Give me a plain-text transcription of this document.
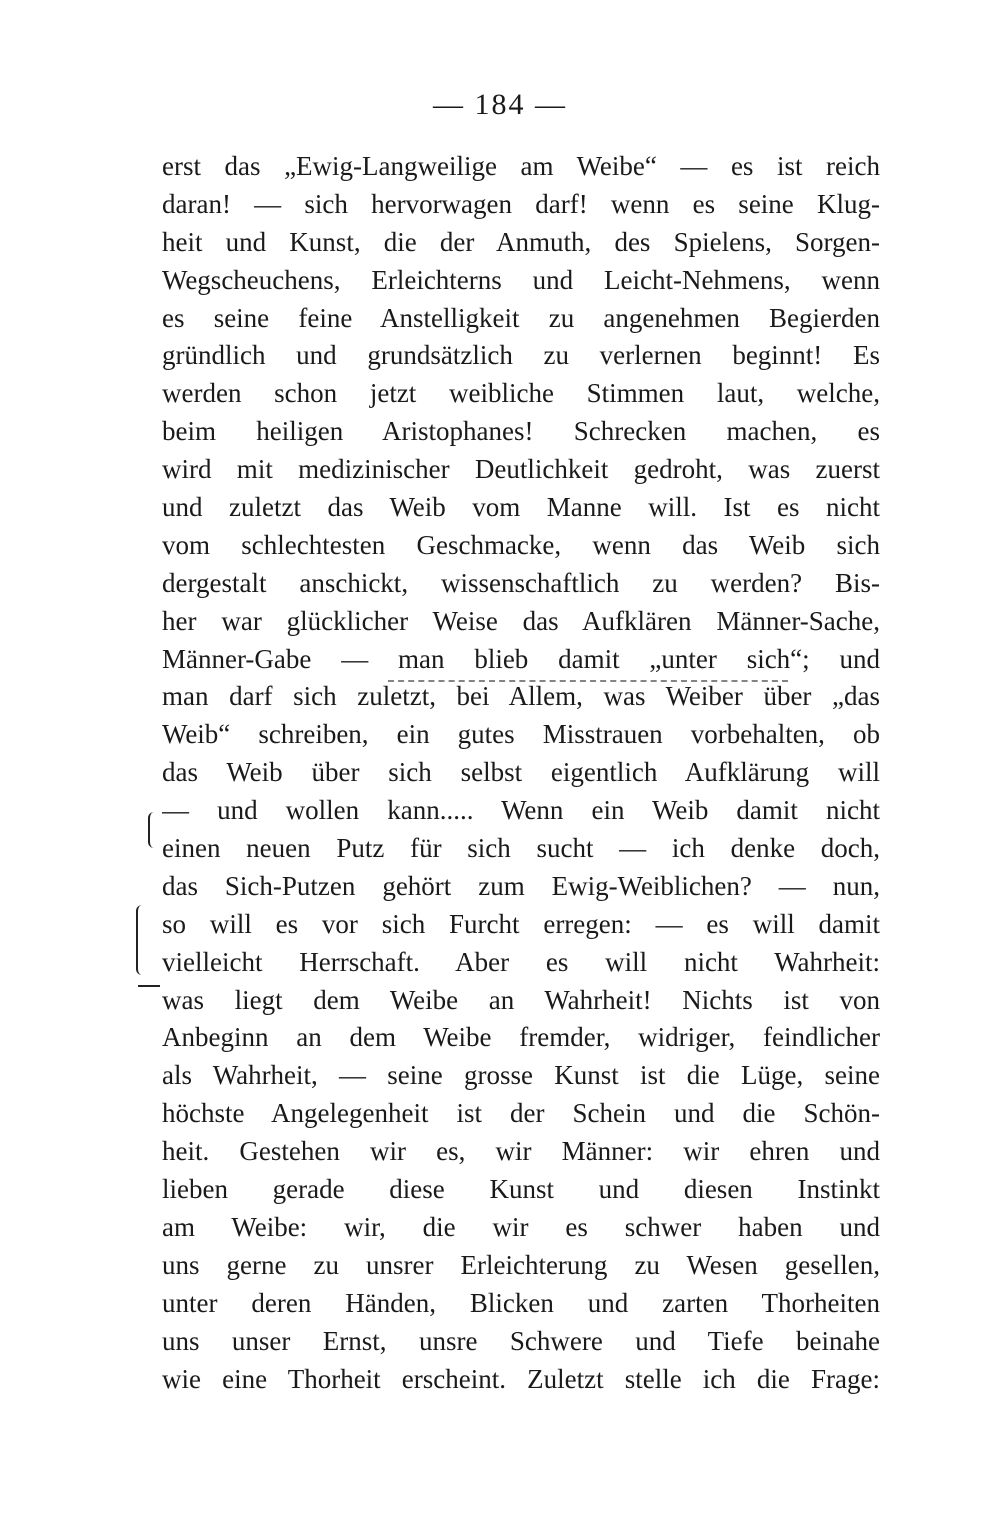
— 184 —
erst das „Ewig-Langweilige am Weibe“ — es ist reich
daran! — sich hervorwagen darf! wenn es seine Klug-
heit und Kunst, die der Anmuth, des Spielens, Sorgen-
Wegscheuchens, Erleichterns und Leicht-Nehmens, wenn
es seine feine Anstelligkeit zu angenehmen Begierden
gründlich und grundsätzlich zu verlernen beginnt! Es
werden schon jetzt weibliche Stimmen laut, welche,
beim heiligen Aristophanes! Schrecken machen, es
wird mit medizinischer Deutlichkeit gedroht, was zuerst
und zuletzt das Weib vom Manne will. Ist es nicht
vom schlechtesten Geschmacke, wenn das Weib sich
dergestalt anschickt, wissenschaftlich zu werden? Bis-
her war glücklicher Weise das Aufklären Männer-Sache,
Männer-Gabe — man blieb damit „unter sich“; und
man darf sich zuletzt, bei Allem, was Weiber über „das
Weib“ schreiben, ein gutes Misstrauen vorbehalten, ob
das Weib über sich selbst eigentlich Aufklärung will
— und wollen kann..... Wenn ein Weib damit nicht
einen neuen Putz für sich sucht — ich denke doch,
das Sich-Putzen gehört zum Ewig-Weiblichen? — nun,
so will es vor sich Furcht erregen: — es will damit
vielleicht Herrschaft. Aber es will nicht Wahrheit:
was liegt dem Weibe an Wahrheit! Nichts ist von
Anbeginn an dem Weibe fremder, widriger, feindlicher
als Wahrheit, — seine grosse Kunst ist die Lüge, seine
höchste Angelegenheit ist der Schein und die Schön-
heit. Gestehen wir es, wir Männer: wir ehren und
lieben gerade diese Kunst und diesen Instinkt
am Weibe: wir, die wir es schwer haben und
uns gerne zu unsrer Erleichterung zu Wesen gesellen,
unter deren Händen, Blicken und zarten Thorheiten
uns unser Ernst, unsre Schwere und Tiefe beinahe
wie eine Thorheit erscheint. Zuletzt stelle ich die Frage:
